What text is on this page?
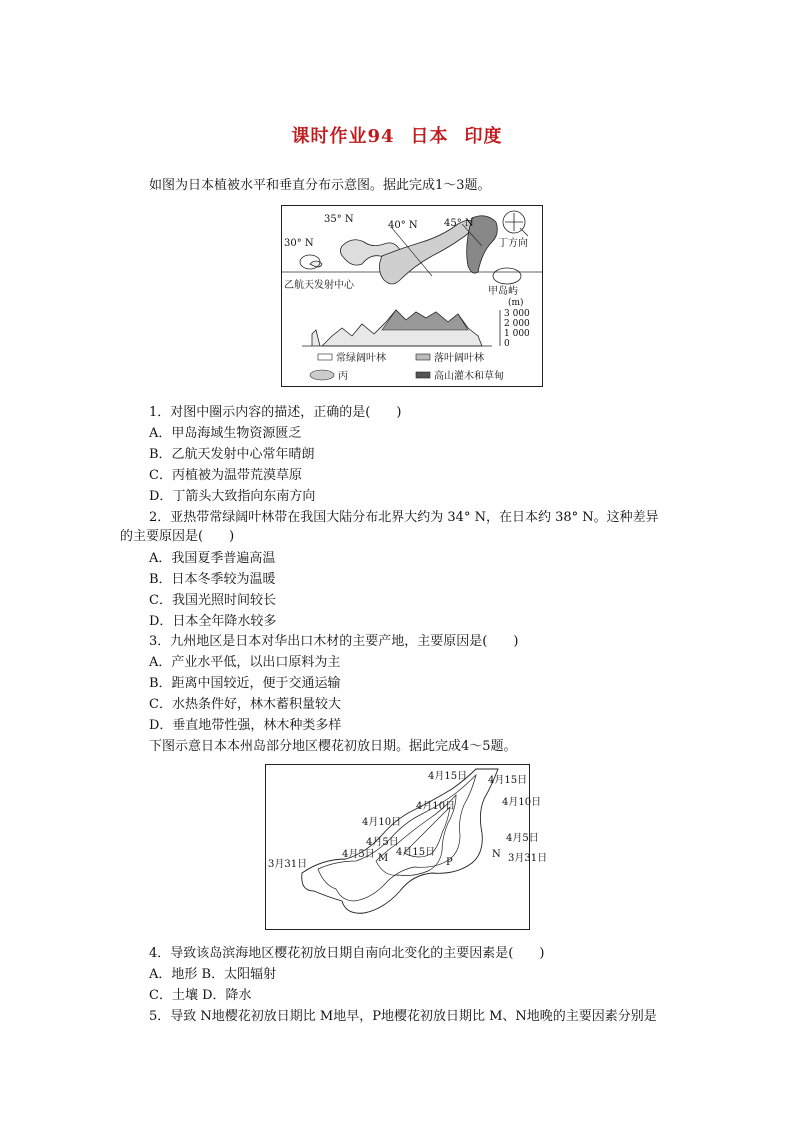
课时作业94 日本 印度
如图为日本植被水平和垂直分布示意图。据此完成1～3题。
30° N
35° N
40° N	45° N
丁方向
乙航天发射中心
甲岛屿
(m)
3 000
2 000
1 000
0
常绿阔叶林	落叶阔叶林
丙	高山灌木和草甸
1．对图中圈示内容的描述，正确的是(　　)
A．甲岛海域生物资源匮乏
B．乙航天发射中心常年晴朗
C．丙植被为温带荒漠草原
D．丁箭头大致指向东南方向
2．亚热带常绿阔叶林带在我国大陆分布北界大约为 34° N，在日本约 38° N。这种差异
的主要原因是(　　)
A．我国夏季普遍高温
B．日本冬季较为温暖
C．我国光照时间较长
D．日本全年降水较多
3．九州地区是日本对华出口木材的主要产地，主要原因是(　　)
A．产业水平低，以出口原料为主
B．距离中国较近，便于交通运输
C．水热条件好，林木蓄积量较大
D．垂直地带性强，林木种类多样
下图示意日本本州岛部分地区樱花初放日期。据此完成4～5题。
4月15日 4月15日
4月10日	4月10日
4月10日
4月5日
4月5日 4月15日
4月5日
3月31日
3月31日
M	P
N
4．导致该岛滨海地区樱花初放日期自南向北变化的主要因素是(　　)
A．地形 B．太阳辐射
C．土壤 D．降水
5．导致 N地樱花初放日期比 M地早，P地樱花初放日期比 M、N地晚的主要因素分别是
